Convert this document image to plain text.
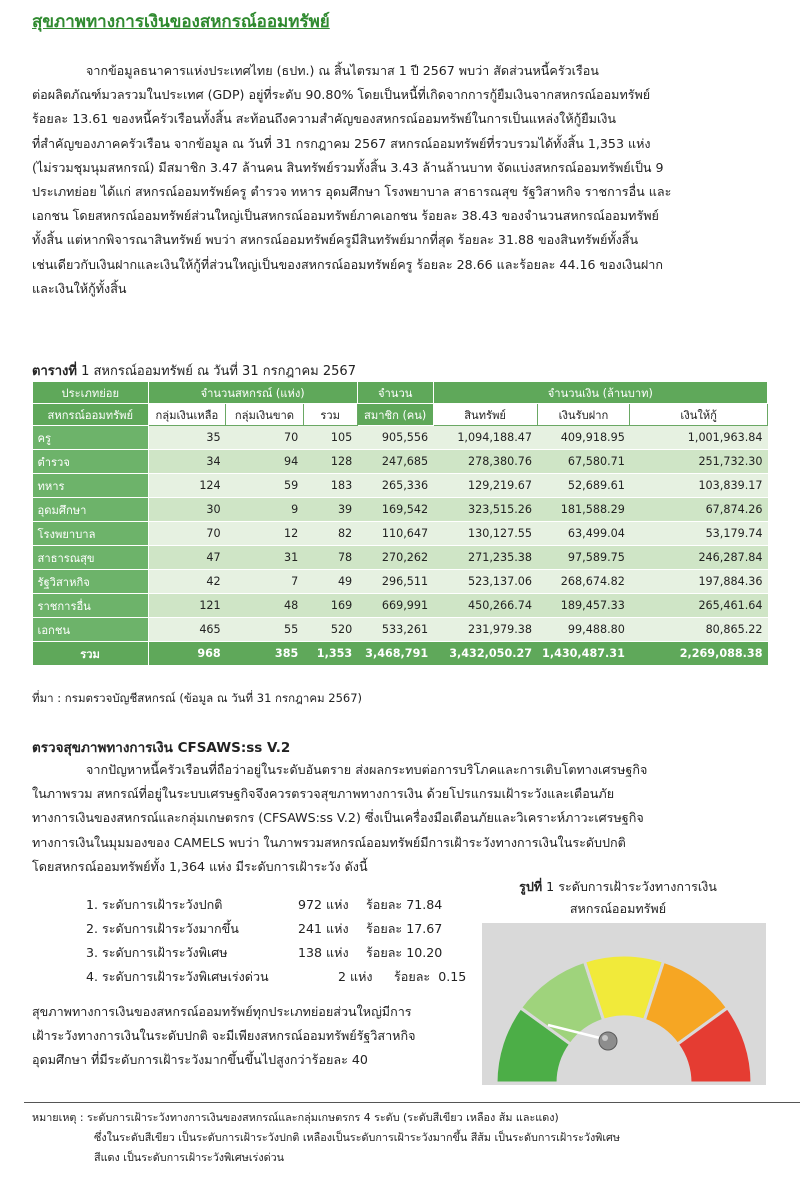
สุขภาพทางการเงินของสหกรณ์ออมทรัพย์
จากข้อมูลธนาคารแห่งประเทศไทย (ธปท.) ณ สิ้นไตรมาส 1 ปี 2567 พบว่า สัดส่วนหนี้ครัวเรือน
ต่อผลิตภัณฑ์มวลรวมในประเทศ (GDP) อยู่ที่ระดับ 90.80% โดยเป็นหนี้ที่เกิดจากการกู้ยืมเงินจากสหกรณ์ออมทรัพย์
ร้อยละ 13.61 ของหนี้ครัวเรือนทั้งสิ้น สะท้อนถึงความสำคัญของสหกรณ์ออมทรัพย์ในการเป็นแหล่งให้กู้ยืมเงิน
ที่สำคัญของภาคครัวเรือน จากข้อมูล ณ วันที่ 31 กรกฎาคม 2567 สหกรณ์ออมทรัพย์ที่รวบรวมได้ทั้งสิ้น 1,353 แห่ง
(ไม่รวมชุมนุมสหกรณ์) มีสมาชิก 3.47 ล้านคน สินทรัพย์รวมทั้งสิ้น 3.43 ล้านล้านบาท จัดแบ่งสหกรณ์ออมทรัพย์เป็น 9
ประเภทย่อย ได้แก่ สหกรณ์ออมทรัพย์ครู ตำรวจ ทหาร อุดมศึกษา โรงพยาบาล สาธารณสุข รัฐวิสาหกิจ ราชการอื่น และ
เอกชน โดยสหกรณ์ออมทรัพย์ส่วนใหญ่เป็นสหกรณ์ออมทรัพย์ภาคเอกชน ร้อยละ 38.43 ของจำนวนสหกรณ์ออมทรัพย์
ทั้งสิ้น แต่หากพิจารณาสินทรัพย์ พบว่า สหกรณ์ออมทรัพย์ครูมีสินทรัพย์มากที่สุด ร้อยละ 31.88 ของสินทรัพย์ทั้งสิ้น
เช่นเดียวกับเงินฝากและเงินให้กู้ที่ส่วนใหญ่เป็นของสหกรณ์ออมทรัพย์ครู ร้อยละ 28.66 และร้อยละ 44.16 ของเงินฝาก
และเงินให้กู้ทั้งสิ้น
ตารางที่ 1 สหกรณ์ออมทรัพย์ ณ วันที่ 31 กรกฎาคม 2567
ประเภทย่อย	จำนวนสหกรณ์ (แห่ง)			จำนวน	จำนวนเงิน (ล้านบาท)		
สหกรณ์ออมทรัพย์	กลุ่มเงินเหลือ	กลุ่มเงินขาด	รวม	สมาชิก (คน)	สินทรัพย์	เงินรับฝาก	เงินให้กู้
ครู	35	70	105	905,556	1,094,188.47	409,918.95	1,001,963.84
ตำรวจ	34	94	128	247,685	278,380.76	67,580.71	251,732.30
ทหาร	124	59	183	265,336	129,219.67	52,689.61	103,839.17
อุดมศึกษา	30	9	39	169,542	323,515.26	181,588.29	67,874.26
โรงพยาบาล	70	12	82	110,647	130,127.55	63,499.04	53,179.74
สาธารณสุข	47	31	78	270,262	271,235.38	97,589.75	246,287.84
รัฐวิสาหกิจ	42	7	49	296,511	523,137.06	268,674.82	197,884.36
ราชการอื่น	121	48	169	669,991	450,266.74	189,457.33	265,461.64
เอกชน	465	55	520	533,261	231,979.38	99,488.80	80,865.22
รวม	968	385	1,353	3,468,791	3,432,050.27	1,430,487.31	2,269,088.38
ที่มา : กรมตรวจบัญชีสหกรณ์ (ข้อมูล ณ วันที่ 31 กรกฎาคม 2567)
ตรวจสุขภาพทางการเงิน CFSAWS:ss V.2
จากปัญหาหนี้ครัวเรือนที่ถือว่าอยู่ในระดับอันตราย ส่งผลกระทบต่อการบริโภคและการเติบโตทางเศรษฐกิจ
ในภาพรวม สหกรณ์ที่อยู่ในระบบเศรษฐกิจจึงควรตรวจสุขภาพทางการเงิน ด้วยโปรแกรมเฝ้าระวังและเตือนภัย
ทางการเงินของสหกรณ์และกลุ่มเกษตรกร (CFSAWS:ss V.2) ซึ่งเป็นเครื่องมือเตือนภัยและวิเคราะห์ภาวะเศรษฐกิจ
ทางการเงินในมุมมองของ CAMELS พบว่า ในภาพรวมสหกรณ์ออมทรัพย์มีการเฝ้าระวังทางการเงินในระดับปกติ
โดยสหกรณ์ออมทรัพย์ทั้ง 1,364 แห่ง มีระดับการเฝ้าระวัง ดังนี้
1. ระดับการเฝ้าระวังปกติ	972 แห่ง ร้อยละ 71.84
2. ระดับการเฝ้าระวังมากขึ้น	241 แห่ง ร้อยละ 17.67
3. ระดับการเฝ้าระวังพิเศษ	138 แห่ง ร้อยละ 10.20
4. ระดับการเฝ้าระวังพิเศษเร่งด่วน	2 แห่ง ร้อยละ  0.15
สุขภาพทางการเงินของสหกรณ์ออมทรัพย์ทุกประเภทย่อยส่วนใหญ่มีการ
เฝ้าระวังทางการเงินในระดับปกติ จะมีเพียงสหกรณ์ออมทรัพย์รัฐวิสาหกิจ
อุดมศึกษา ที่มีระดับการเฝ้าระวังมากขึ้นขึ้นไปสูงกว่าร้อยละ 40
รูปที่ 1 ระดับการเฝ้าระวังทางการเงิน
สหกรณ์ออมทรัพย์
หมายเหตุ : ระดับการเฝ้าระวังทางการเงินของสหกรณ์และกลุ่มเกษตรกร 4 ระดับ (ระดับสีเขียว เหลือง ส้ม และแดง)
ซึ่งในระดับสีเขียว เป็นระดับการเฝ้าระวังปกติ เหลืองเป็นระดับการเฝ้าระวังมากขึ้น สีส้ม เป็นระดับการเฝ้าระวังพิเศษ
สีแดง เป็นระดับการเฝ้าระวังพิเศษเร่งด่วน
